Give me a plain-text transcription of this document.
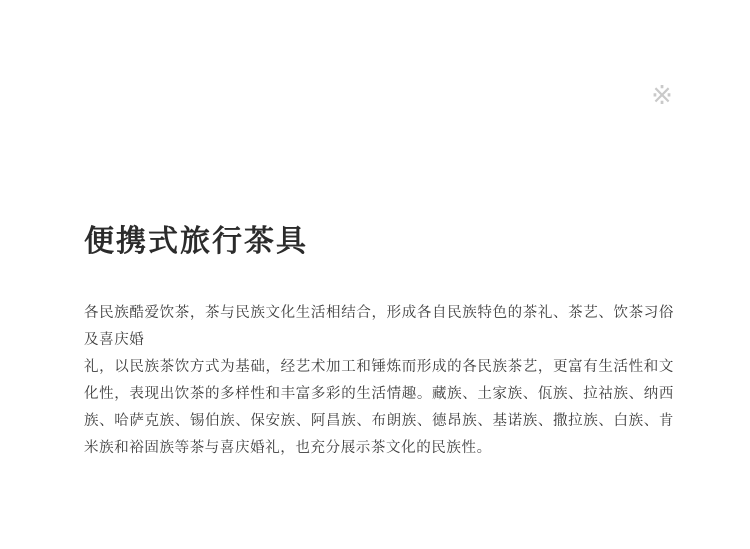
※
便携式旅行茶具

各民族酷爱饮茶，茶与民族文化生活相结合，形成各自民族特色的茶礼、茶艺、饮茶习俗及喜庆婚

礼，以民族茶饮方式为基础，经艺术加工和锤炼而形成的各民族茶艺，更富有生活性和文化性，表现出饮茶的多样性和丰富多彩的生活情趣。藏族、土家族、佤族、拉祜族、纳西族、哈萨克族、锡伯族、保安族、阿昌族、布朗族、德昂族、基诺族、撒拉族、白族、肯米族和裕固族等茶与喜庆婚礼，也充分展示茶文化的民族性。
